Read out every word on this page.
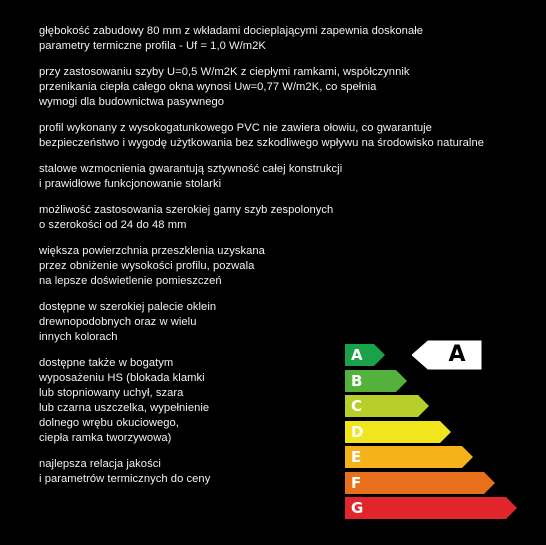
głębokość zabudowy 80 mm z wkładami docieplającymi zapewnia doskonałe
parametry termiczne profila - Uf = 1,0 W/m2K

przy zastosowaniu szyby U=0,5 W/m2K z ciepłymi ramkami, współczynnik
przenikania ciepła całego okna wynosi Uw=0,77 W/m2K, co spełnia
wymogi dla budownictwa pasywnego

profil wykonany z wysokogatunkowego PVC nie zawiera ołowiu, co gwarantuje
bezpieczeństwo i wygodę użytkowania bez szkodliwego wpływu na środowisko naturalne

stalowe wzmocnienia gwarantują sztywność całej konstrukcji
i prawidłowe funkcjonowanie stolarki

możliwość zastosowania szerokiej gamy szyb zespolonych
o szerokości od 24 do 48 mm

większa powierzchnia przeszklenia uzyskana
przez obniżenie wysokości profilu, pozwala
na lepsze doświetlenie pomieszczeń

dostępne w szerokiej palecie oklein
drewnopodobnych oraz w wielu
innych kolorach

dostępne także w bogatym
wyposażeniu HS (blokada klamki
lub stopniowany uchył, szara
lub czarna uszczelka, wypełnienie
dolnego wrębu okuciowego,
ciepła ramka tworzywowa)

najlepsza relacja jakości
i parametrów termicznych do ceny

A
B
C
D
E
F
G
A
